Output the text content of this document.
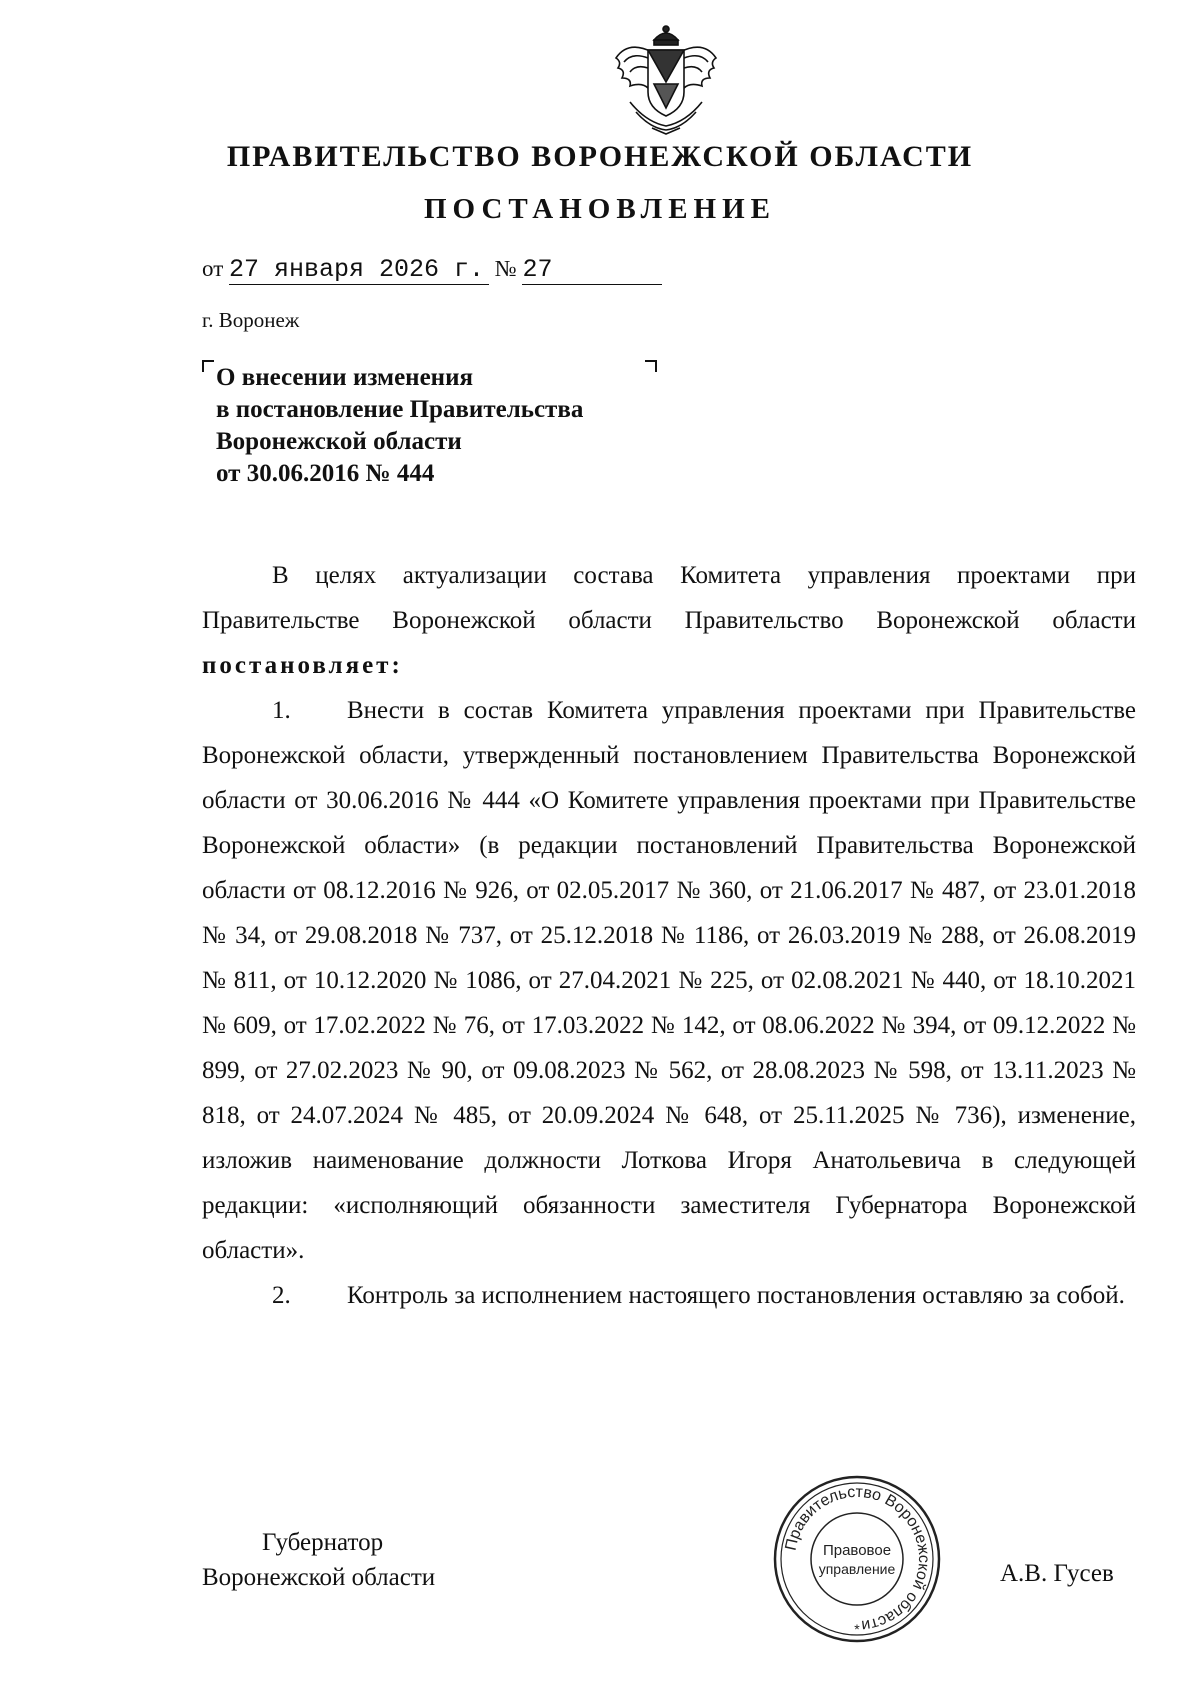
ПРАВИТЕЛЬСТВО ВОРОНЕЖСКОЙ ОБЛАСТИ
ПОСТАНОВЛЕНИЕ
от 27 января 2026 г. № 27
г. Воронеж
О внесении изменения
в постановление Правительства
Воронежской области
от 30.06.2016 № 444

В целях актуализации состава Комитета управления проектами при Правительстве Воронежской области Правительство Воронежской области постановляет:

1. Внести в состав Комитета управления проектами при Правительстве Воронежской области, утвержденный постановлением Правительства Воронежской области от 30.06.2016 № 444 «О Комитете управления проектами при Правительстве Воронежской области» (в редакции постановлений Правительства Воронежской области от 08.12.2016 № 926, от 02.05.2017 № 360, от 21.06.2017 № 487, от 23.01.2018 № 34, от 29.08.2018 № 737, от 25.12.2018 № 1186, от 26.03.2019 № 288, от 26.08.2019 № 811, от 10.12.2020 № 1086, от 27.04.2021 № 225, от 02.08.2021 № 440, от 18.10.2021 № 609, от 17.02.2022 № 76, от 17.03.2022 № 142, от 08.06.2022 № 394, от 09.12.2022 № 899, от 27.02.2023 № 90, от 09.08.2023 № 562, от 28.08.2023 № 598, от 13.11.2023 № 818, от 24.07.2024 № 485, от 20.09.2024 № 648, от 25.11.2025 № 736), изменение, изложив наименование должности Лоткова Игоря Анатольевича в следующей редакции: «исполняющий обязанности заместителя Губернатора Воронежской области».

2. Контроль за исполнением настоящего постановления оставляю за собой.

Губернатор
Воронежской области
Правительство Воронежской области
Правовое
управление
*
А.В. Гусев
